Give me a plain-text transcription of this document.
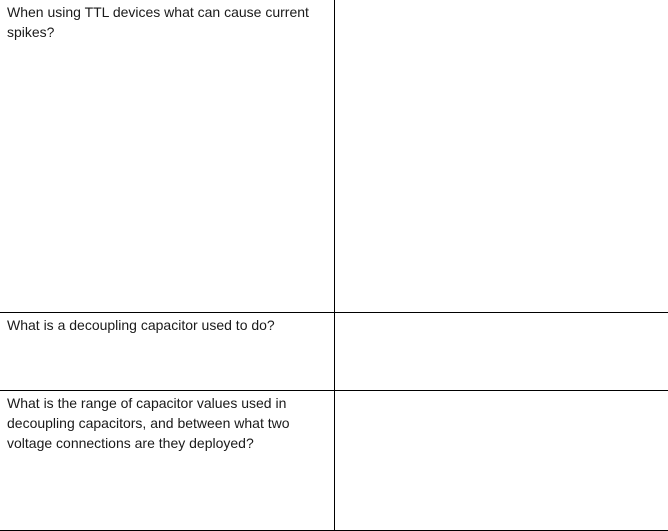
When using TTL devices what can cause current spikes?	

What is a decoupling capacitor used to do?	

What is the range of capacitor values used in decoupling capacitors, and between what two voltage connections are they deployed?	
